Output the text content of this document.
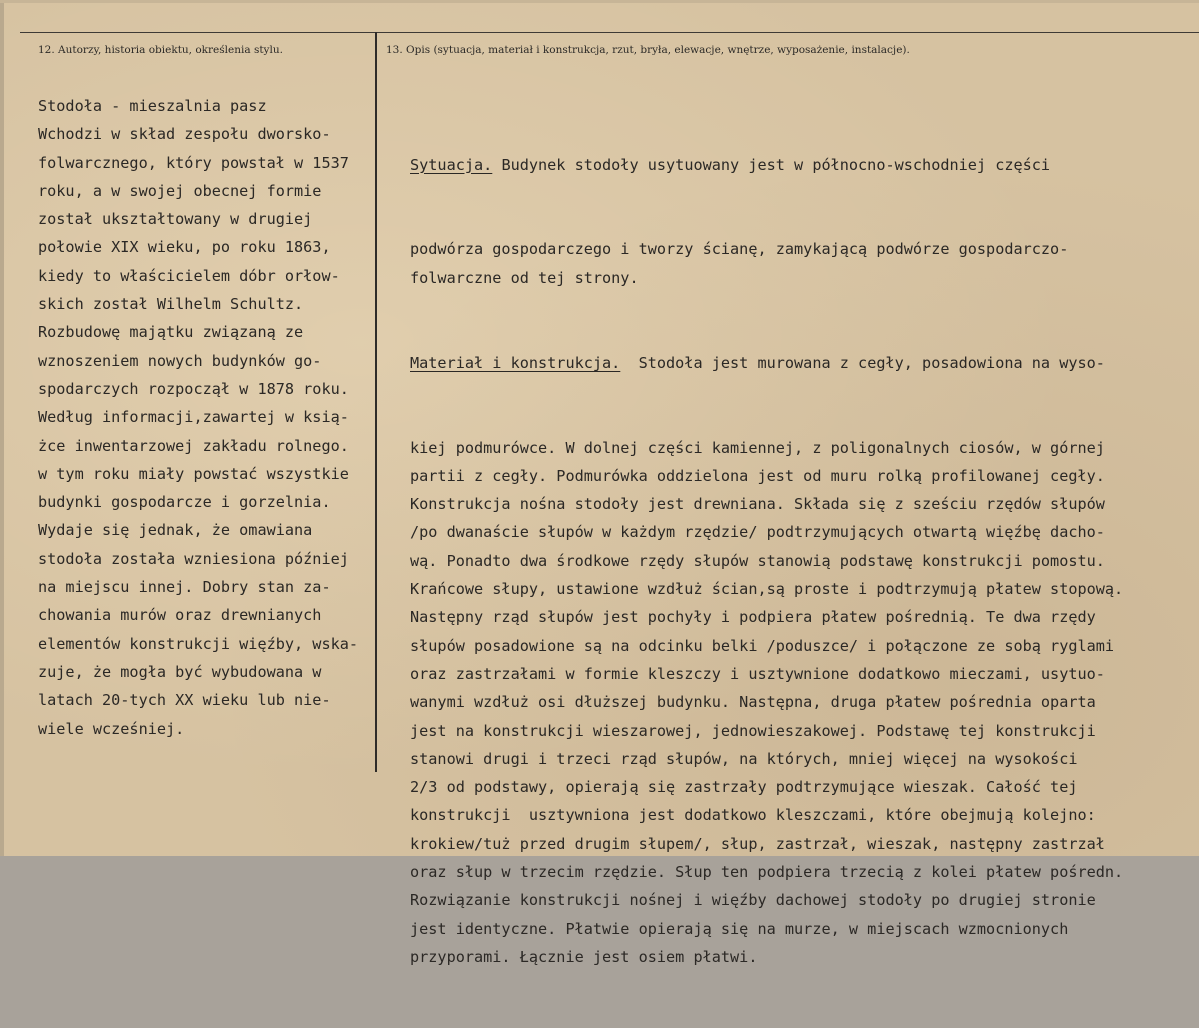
12. Autorzy, historia obiektu, określenia stylu.	13. Opis (sytuacja, materiał i konstrukcja, rzut, bryła, elewacje, wnętrze, wyposażenie, instalacje).
Stodoła - mieszalnia pasz
Wchodzi w skład zespołu dworsko-
folwarcznego, który powstał w 1537
roku, a w swojej obecnej formie
został ukształtowany w drugiej
połowie XIX wieku, po roku 1863,
kiedy to właścicielem dóbr orłow-
skich został Wilhelm Schultz.
Rozbudowę majątku związaną ze
wznoszeniem nowych budynków go-
spodarczych rozpoczął w 1878 roku.
Według informacji,zawartej w ksią-
żce inwentarzowej zakładu rolnego.
w tym roku miały powstać wszystkie
budynki gospodarcze i gorzelnia.
Wydaje się jednak, że omawiana
stodoła została wzniesiona później
na miejscu innej. Dobry stan za-
chowania murów oraz drewnianych
elementów konstrukcji więźby, wska-
zuje, że mogła być wybudowana w
latach 20-tych XX wieku lub nie-
wiele wcześniej.

Sytuacja. Budynek stodoły usytuowany jest w północno-wschodniej części

podwórza gospodarczego i tworzy ścianę, zamykającą podwórze gospodarczo-
folwarczne od tej strony.

Materiał i konstrukcja.  Stodoła jest murowana z cegły, posadowiona na wyso-

kiej podmurówce. W dolnej części kamiennej, z poligonalnych ciosów, w górnej
partii z cegły. Podmurówka oddzielona jest od muru rolką profilowanej cegły.
Konstrukcja nośna stodoły jest drewniana. Składa się z sześciu rzędów słupów
/po dwanaście słupów w każdym rzędzie/ podtrzymujących otwartą więźbę dacho-
wą. Ponadto dwa środkowe rzędy słupów stanowią podstawę konstrukcji pomostu.
Krańcowe słupy, ustawione wzdłuż ścian,są proste i podtrzymują płatew stopową.
Następny rząd słupów jest pochyły i podpiera płatew pośrednią. Te dwa rzędy
słupów posadowione są na odcinku belki /poduszce/ i połączone ze sobą ryglami
oraz zastrzałami w formie kleszczy i usztywnione dodatkowo mieczami, usytuo-
wanymi wzdłuż osi dłuższej budynku. Następna, druga płatew pośrednia oparta
jest na konstrukcji wieszarowej, jednowieszakowej. Podstawę tej konstrukcji
stanowi drugi i trzeci rząd słupów, na których, mniej więcej na wysokości
2/3 od podstawy, opierają się zastrzały podtrzymujące wieszak. Całość tej
konstrukcji  usztywniona jest dodatkowo kleszczami, które obejmują kolejno:
krokiew/tuż przed drugim słupem/, słup, zastrzał, wieszak, następny zastrzał
oraz słup w trzecim rzędzie. Słup ten podpiera trzecią z kolei płatew pośredn.
Rozwiązanie konstrukcji nośnej i więźby dachowej stodoły po drugiej stronie
jest identyczne. Płatwie opierają się na murze, w miejscach wzmocnionych
przyporami. Łącznie jest osiem płatwi.
